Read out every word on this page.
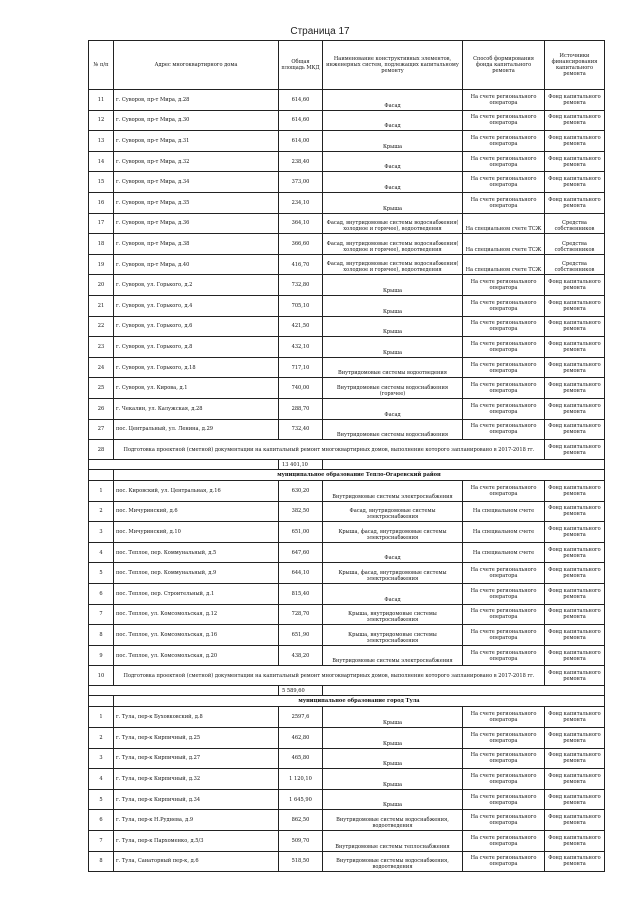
Страница 17
№ п/п	Адрес многоквартирного дома	Общая площадь МКД	Наименование конструктивных элементов, инженерных систем, подлежащих капитальному ремонту	Способ формирования фонда капитального ремонта	Источники финансирования капитального ремонта
11	г. Суворов, пр-т Мира, д.28	614,60	Фасад	На счете регионального оператора	Фонд капитального ремонта
12	г. Суворов, пр-т Мира, д.30	614,60	Фасад	На счете регионального оператора	Фонд капитального ремонта
13	г. Суворов, пр-т Мира, д.31	614,00	Крыша	На счете регионального оператора	Фонд капитального ремонта
14	г. Суворов, пр-т Мира, д.32	238,40	Фасад	На счете регионального оператора	Фонд капитального ремонта
15	г. Суворов, пр-т Мира, д.34	373,00	Фасад	На счете регионального оператора	Фонд капитального ремонта
16	г. Суворов, пр-т Мира, д.35	234,10	Крыша	На счете регионального оператора	Фонд капитального ремонта
17	г. Суворов, пр-т Мира, д.36	364,10	Фасад, внутридомовые системы водоснабжения( холодное и горячее), водоотведения	На специальном счете ТСЖ	Средства собственников
18	г. Суворов, пр-т Мира, д.38	366,60	Фасад, внутридомовые системы водоснабжения( холодное и горячее), водоотведения	На специальном счете ТСЖ	Средства собственников
19	г. Суворов, пр-т Мира, д.40	416,70	Фасад, внутридомовые системы водоснабжения( холодное и горячее), водоотведения	На специальном счете ТСЖ	Средства собственников
20	г. Суворов, ул. Горького, д.2	732,80	Крыша	На счете регионального оператора	Фонд капитального ремонта
21	г. Суворов, ул. Горького, д.4	705,10	Крыша	На счете регионального оператора	Фонд капитального ремонта
22	г. Суворов, ул. Горького, д.6	421,50	Крыша	На счете регионального оператора	Фонд капитального ремонта
23	г. Суворов, ул. Горького, д.8	432,10	Крыша	На счете регионального оператора	Фонд капитального ремонта
24	г. Суворов, ул. Горького, д.18	717,10	Внутридомовые системы водоотведения	На счете регионального оператора	Фонд капитального ремонта
25	г. Суворов, ул. Кирова, д.1	740,00	Внутридомовые системы водоснабжения (горячее)	На счете регионального оператора	Фонд капитального ремонта
26	г. Чекалин, ул. Калужская, д.28	288,70	Фасад	На счете регионального оператора	Фонд капитального ремонта
27	пос. Центральный, ул. Ленина, д.29	732,40	Внутридомовые системы водоснабжения	На счете регионального оператора	Фонд капитального ремонта
28	Подготовка проектной (сметной) документации на капитальный ремонт многоквартирных домов, выполнение которого запланировано в 2017-2018 гг.				Фонд капитального ремонта
		13 401,10			
	муниципальное образование Тепло-Огаревский район				
1	пос. Кировский, ул. Центральная, д.16	630,20	Внутридомовые системы электроснабжения	На счете регионального оператора	Фонд капитального ремонта
2	пос. Мичуринский, д.6	382,50	Фасад, внутридомовые системы электроснабжения	На специальном счете	Фонд капитального ремонта
3	пос. Мичуринский, д.10	651,00	Крыша, фасад, внутридомовые системы электроснабжения	На специальном счете	Фонд капитального ремонта
4	пос. Теплое, пер. Коммунальный, д.5	647,60	Фасад	На специальном счете	Фонд капитального ремонта
5	пос. Теплое, пер. Коммунальный, д.9	644,10	Крыша, фасад, внутридомовые системы электроснабжения	На счете регионального оператора	Фонд капитального ремонта
6	пос. Теплое, пер. Строительный, д.1	815,40	Фасад	На счете регионального оператора	Фонд капитального ремонта
7	пос. Теплое, ул. Комсомольская, д.12	728,70	Крыша, внутридомовые системы электроснабжения	На счете регионального оператора	Фонд капитального ремонта
8	пос. Теплое, ул. Комсомольская, д.16	651,90	Крыша, внутридомовые системы электроснабжения	На счете регионального оператора	Фонд капитального ремонта
9	пос. Теплое, ул. Комсомольская, д.20	438,20	Внутридомовые системы электроснабжения	На счете регионального оператора	Фонд капитального ремонта
10	Подготовка проектной (сметной) документации на капитальный ремонт многоквартирных домов, выполнение которого запланировано в 2017-2018 гг.				Фонд капитального ремонта
		5 589,60			
	муниципальное образование город Тула				
1	г. Тула, пер-к Буховковский, д.8	2597,6	Крыша	На счете регионального оператора	Фонд капитального ремонта
2	г. Тула, пер-к Кирпичный, д.25	462,80	Крыша	На счете регионального оператора	Фонд капитального ремонта
3	г. Тула, пер-к Кирпичный, д.27	465,80	Крыша	На счете регионального оператора	Фонд капитального ремонта
4	г. Тула, пер-к Кирпичный, д.32	1 120,10	Крыша	На счете регионального оператора	Фонд капитального ремонта
5	г. Тула, пер-к Кирпичный, д.34	1 645,90	Крыша	На счете регионального оператора	Фонд капитального ремонта
6	г. Тула, пер-к Н.Руднева, д.9	862,50	Внутридомовые системы водоснабжения, водоотведения	На счете регионального оператора	Фонд капитального ремонта
7	г. Тула, пер-к Пархоменко, д.5/3	509,70	Внутридомовые системы теплоснабжения	На счете регионального оператора	Фонд капитального ремонта
8	г. Тула, Санаторный пер-к, д.6	518,50	Внутридомовые системы водоснабжения, водоотведения	На счете регионального оператора	Фонд капитального ремонта
